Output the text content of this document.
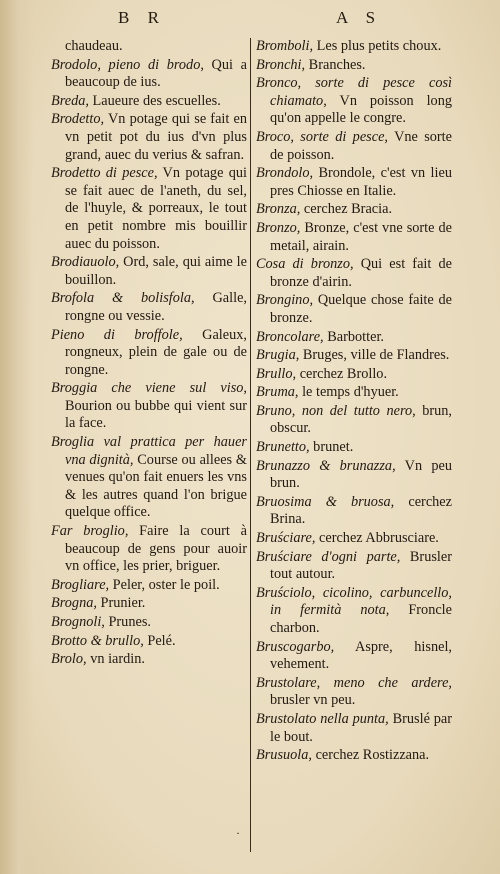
B R	A S
chaudeau.
Brodolo, pieno di brodo, Qui a beaucoup de ius.
Breda, Laueure des escuelles.
Brodetto, Vn potage qui se fait en vn petit pot du ius d'vn plus grand, auec du verius & safran.
Brodetto di pesce, Vn potage qui se fait auec de l'aneth, du sel, de l'huyle, & porreaux, le tout en petit nombre mis bouillir auec du poisson.
Brodiauolo, Ord, sale, qui aime le bouillon.
Brofola & bolisfola, Galle, rongne ou vessie.
Pieno di broffole, Galeux, rongneux, plein de gale ou de rongne.
Broggia che viene sul viso, Bourion ou bubbe qui vient sur la face.
Broglia val prattica per hauer vna dignità, Course ou allees & venues qu'on fait enuers les vns & les autres quand l'on brigue quelque office.
Far broglio, Faire la court à beaucoup de gens pour auoir vn office, les prier, briguer.
Brogliare, Peler, oster le poil.
Brogna, Prunier.
Brognoli, Prunes.
Brotto & brullo, Pelé.
Brolo, vn iardin.
Bromboli, Les plus petits choux.
Bronchi, Branches.
Bronco, sorte di pesce così chiamato, Vn poisson long qu'on appelle le congre.
Broco, sorte di pesce, Vne sorte de poisson.
Brondolo, Brondole, c'est vn lieu pres Chiosse en Italie.
Bronza, cerchez Bracia.
Bronzo, Bronze, c'est vne sorte de metail, airain.
Cosa di bronzo, Qui est fait de bronze d'airin.
Brongino, Quelque chose faite de bronze.
Broncolare, Barbotter.
Brugia, Bruges, ville de Flandres.
Brullo, cerchez Brollo.
Bruma, le temps d'hyuer.
Bruno, non del tutto nero, brun, obscur.
Brunetto, brunet.
Brunazzo & brunazza, Vn peu brun.
Bruosima & bruosa, cerchez Brina.
Bruściare, cerchez Abbrusciare.
Bruściare d'ogni parte, Brusler tout autour.
Bruściolo, cicolino, carbuncello, in fermità nota, Froncle charbon.
Bruscogarbo, Aspre, hisnel, vehement.
Brustolare, meno che ardere, brusler vn peu.
Brustolato nella punta, Bruslé par le bout.
Brusuola, cerchez Rostizzana.
·
